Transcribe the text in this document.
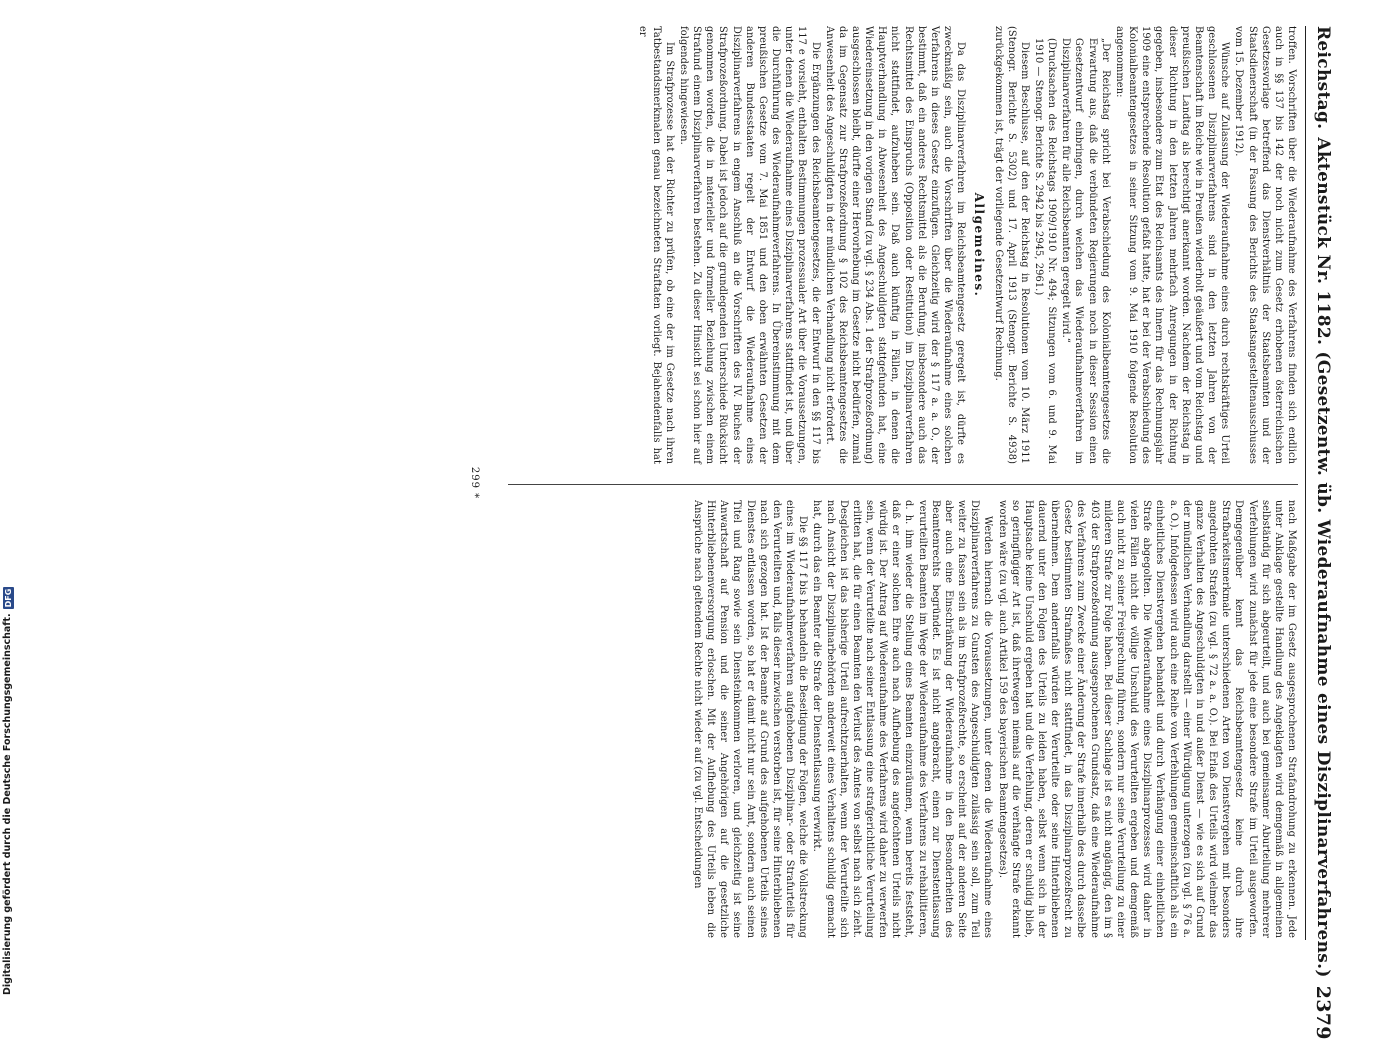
Reichstag.
Aktenstück Nr. 1182. (Gesetzentw. üb. Wiederaufnahme eines Disziplinarverfahrens.)
2379

troffen. Vorschriften über die Wiederaufnahme des Verfahrens finden sich endlich auch in §§ 137 bis 142 der noch nicht zum Gesetz erhobenen österreichischen Gesetzesvorlage betreffend das Dienstverhältnis der Staatsbeamten und der Staatsdienerschaft (in der Fassung des Berichts des Staatsangestelltenausschusses vom 15. Dezember 1912).

Wünsche auf Zulassung der Wiederaufnahme eines durch rechtskräftiges Urteil geschlossenen Disziplinarverfahrens sind in den letzten Jahren von der Beamtenschaft im Reiche wie in Preußen wiederholt geäußert und vom Reichstag und preußischen Landtag als berechtigt anerkannt worden. Nachdem der Reichstag in dieser Richtung in den letzten Jahren mehrfach Anregungen in der Richtung gegeben, insbesondere zum Etat des Reichsamts des Innern für das Rechnungsjahr 1909 eine entsprechende Resolution gefaßt hatte, hat er bei der Verabschiedung des Kolonialbeamtengesetzes in seiner Sitzung vom 9. Mai 1910 folgende Resolution angenommen:

„Der Reichstag spricht bei Verabschiedung des Kolonialbeamtengesetzes die Erwartung aus, daß die verbündeten Regierungen noch in dieser Session einen Gesetzentwurf einbringen, durch welchen das Wiederaufnahmeverfahren im Disziplinarverfahren für alle Reichsbeamten geregelt wird.“

(Drucksachen des Reichstags 1909/1910 Nr. 494; Sitzungen vom 6. und 9. Mai 1910 — Stenogr. Berichte S. 2942 bis 2945, 2961.)

Diesem Beschlusse, auf den der Reichstag in Resolutionen vom 10. März 1911 (Stenogr. Berichte S. 5302) und 17. April 1913 (Stenogr. Berichte S. 4938) zurückgekommen ist, trägt der vorliegende Gesetzentwurf Rechnung.

Allgemeines.

Da das Disziplinarverfahren im Reichsbeamtengesetz geregelt ist, dürfte es zweckmäßig sein, auch die Vorschriften über die Wiederaufnahme eines solchen Verfahrens in dieses Gesetz einzufügen. Gleichzeitig wird der § 117 a. a. O., der bestimmt, daß ein anderes Rechtsmittel als die Berufung, insbesondere auch das Rechtsmittel des Einspruchs (Opposition oder Restitution) im Disziplinarverfahren nicht stattfindet, aufzuheben sein. Daß auch künftig in Fällen, in denen die Hauptverhandlung in Abwesenheit des Angeschuldigten stattgefunden hat, eine Wiedereinsetzung in den vorigen Stand (zu vgl. § 234 Abs. 1 der Strafprozeßordnung) ausgeschlossen bleibt, dürfte einer Hervorhebung im Gesetze nicht bedürfen, zumal da im Gegensatz zur Strafprozeßordnung § 102 des Reichsbeamtengesetzes die Anwesenheit des Angeschuldigten in der mündlichen Verhandlung nicht erfordert.

Die Ergänzungen des Reichsbeamtengesetzes, die der Entwurf in den §§ 117 bis 117 e vorsieht, enthalten Bestimmungen prozessualer Art über die Voraussetzungen, unter denen die Wiederaufnahme eines Disziplinarverfahrens stattfindet ist, und über die Durchführung des Wiederaufnahmeverfahrens. In Übereinstimmung mit dem preußischen Gesetze vom 7. Mai 1851 und den oben erwähnten Gesetzen der anderen Bundesstaaten regelt der Entwurf die Wiederaufnahme eines Disziplinarverfahrens in engem Anschluß an die Vorschriften des IV. Buches der Strafprozeßordnung. Dabei ist jedoch auf die grundlegenden Unterschiede Rücksicht genommen worden, die in materieller und formeller Beziehung zwischen einem Strafund einem Disziplinarverfahren bestehen. Zu dieser Hinsicht sei schon hier auf folgendes hingewiesen.

Im Strafprozesse hat der Richter zu prüfen, ob eine der im Gesetze nach ihren Tatbestandsmerkmalen genau bezeichneten Straftaten vorliegt. Bejahendenfalls hat er

nach Maßgabe der im Gesetz ausgesprochenen Strafandrohung zu erkennen. Jede unter Anklage gestellte Handlung des Angeklagten wird demgemäß in allgemeinen selbständig für sich abgeurteilt, und auch bei gemeinsamer Aburteilung mehrerer Verfehlungen wird zunächst für jede eine besondere Strafe im Urteil ausgeworfen. Demgegenüber kennt das Reichsbeamtengesetz keine durch ihre Strafbarkeitsmerkmale unterschiedenen Arten von Dienstvergehen mit besonders angedrohten Strafen (zu vgl. § 72 a. a. O.). Bei Erlaß des Urteils wird vielmehr das ganze Verhalten des Angeschuldigten in und außer Dienst — wie es sich auf Grund der mündlichen Verhandlung darstellt — einer Würdigung unterzogen (zu vgl. § 76 a. a. O.). Infolgedessen wird auch eine Reihe von Verfehlungen gemeinschaftlich als ein einheitliches Dienstvergehen behandelt und durch Verhängung einer einheitlichen Strafe abgegolten. Die Wiederaufnahme eines Disziplinarprozesses wird daher in vielen Fällen nicht die völlige Unschuld des Verurteilten ergeben und demgemäß auch nicht zu seiner Freisprechung führen, sondern nur seine Verurteilung zu einer milderen Strafe zur Folge haben. Bei dieser Sachlage ist es nicht angängig, den im § 403 der Strafprozeßordnung ausgesprochenen Grundsatz, daß eine Wiederaufnahme des Verfahrens zum Zwecke einer Änderung der Strafe innerhalb des durch dasselbe Gesetz bestimmten Strafmaßes nicht stattfindet, in das Disziplinarprozeßrecht zu übernehmen. Dem andernfalls würden der Verurteilte oder seine Hinterbliebenen dauernd unter den Folgen des Urteils zu leiden haben, selbst wenn sich in der Hauptsache keine Unschuld ergeben hat und die Verfehlung, deren er schuldig blieb, so geringfügiger Art ist, daß ihretwegen niemals auf die verhängte Strafe erkannt worden wäre (zu vgl. auch Artikel 159 des bayerischen Beamtengesetzes).

Werden hiernach die Voraussetzungen, unter denen die Wiederaufnahme eines Disziplinarverfahrens zu Gunsten des Angeschuldigten zulässig sein soll, zum Teil weiter zu fassen sein als im Strafprozeßrechte, so erscheint auf der anderen Seite aber auch eine Einschränkung der Wiederaufnahme in den Besonderheiten des Beamtenrechts begründet. Es ist nicht angebracht, einen zur Dienstentlassung verurteilten Beamten im Wege der Wiederaufnahme des Verfahrens zu rehabilitieren, d. h. ihm wieder die Stellung eines Beamten einzuräumen, wenn bereits feststeht, daß er einer solchen Ehre auch nach Aufhebung des angefochtenen Urteils nicht würdig ist. Der Antrag auf Wiederaufnahme des Verfahrens wird daher zu verwerfen sein, wenn der Verurteilte nach seiner Entlassung eine strafgerichtliche Verurteilung erlitten hat, die für einen Beamten den Verlust des Amtes von selbst nach sich zieht. Desgleichen ist das bisherige Urteil aufrechtzuerhalten, wenn der Verurteilte sich nach Ansicht der Disziplinarbehörden anderweit eines Verhaltens schuldig gemacht hat, durch das ein Beamter die Strafe der Dienstentlassung verwirkt.

Die §§ 117 f bis h behandeln die Beseitigung der Folgen, welche die Vollstreckung eines im Wiederaufnahmeverfahren aufgehobenen Disziplinar- oder Strafurteils für den Verurteilten und, falls dieser inzwischen verstorben ist, für seine Hinterbliebenen nach sich gezogen hat. Ist der Beamte auf Grund des aufgehobenen Urteils seines Dienstes entlassen worden, so hat er damit nicht nur sein Amt, sondern auch seinen Titel und Rang sowie sein Diensteinkommen verloren, und gleichzeitig ist seine Anwartschaft auf Pension und die seiner Angehörigen auf die gesetzliche Hinterbliebenenversorgung erloschen. Mit der Aufhebung des Urteils leben die Ansprüche nach geltendem Rechte nicht wieder auf (zu vgl. Entscheidungen

299 *
Digitalisierung gefördert durch die Deutsche Forschungsgemeinschaft.
DFG
